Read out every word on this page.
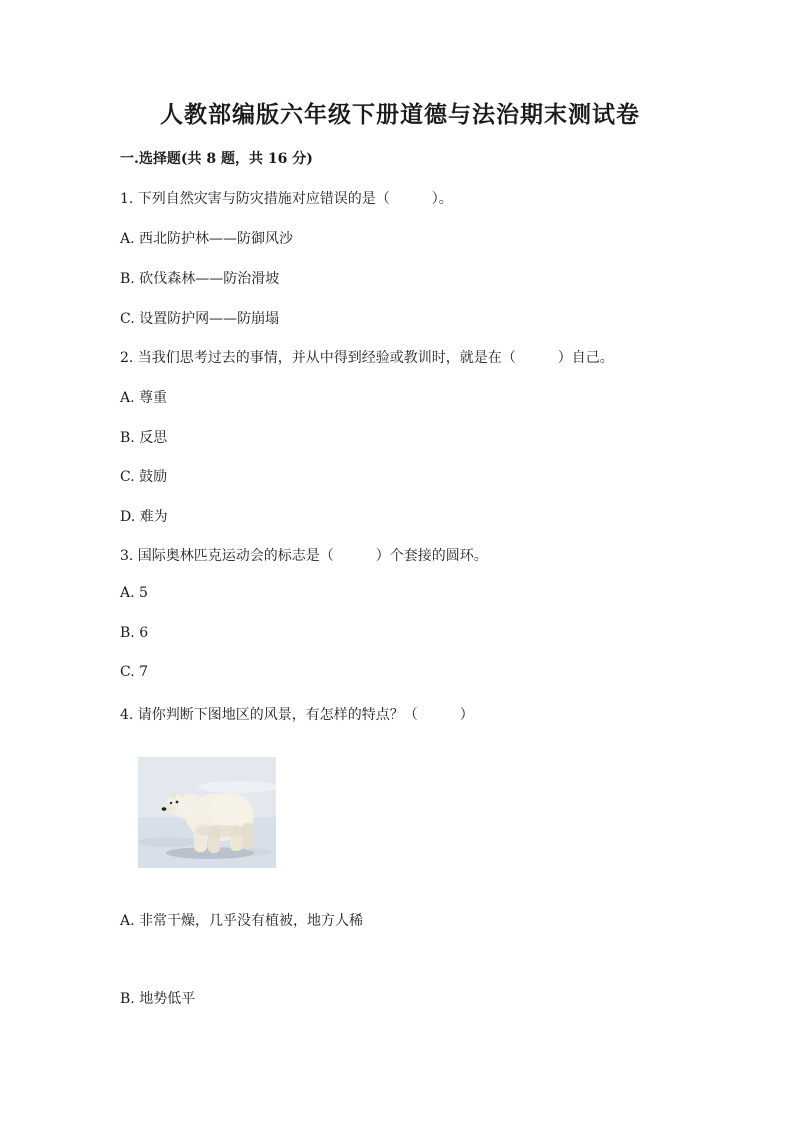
人教部编版六年级下册道德与法治期末测试卷
一.选择题(共 8 题，共 16 分)
1. 下列自然灾害与防灾措施对应错误的是（　　　）。
A. 西北防护林——防御风沙
B. 砍伐森林——防治滑坡
C. 设置防护网——防崩塌
2. 当我们思考过去的事情，并从中得到经验或教训时，就是在（　　　）自己。
A. 尊重
B. 反思
C. 鼓励
D. 难为
3. 国际奥林匹克运动会的标志是（　　　）个套接的圆环。
A. 5
B. 6
C. 7
4. 请你判断下图地区的风景，有怎样的特点？（　　　）
A. 非常干燥，几乎没有植被，地方人稀
B. 地势低平
